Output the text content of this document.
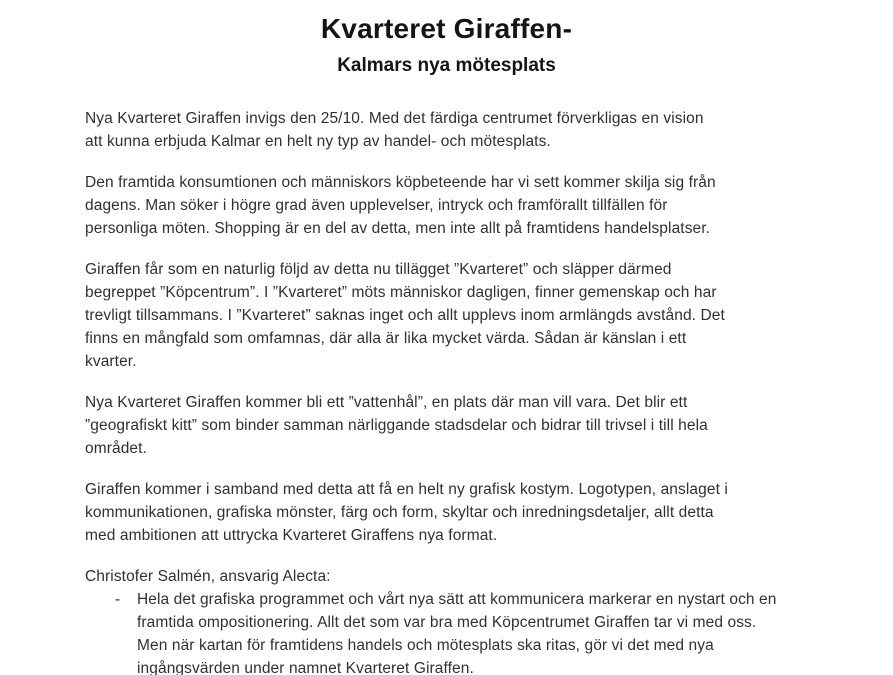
Kvarteret Giraffen-
Kalmars nya mötesplats
Nya Kvarteret Giraffen invigs den 25/10. Med det färdiga centrumet förverkligas en vision
att kunna erbjuda Kalmar en helt ny typ av handel- och mötesplats.
Den framtida konsumtionen och människors köpbeteende har vi sett kommer skilja sig från
dagens. Man söker i högre grad även upplevelser, intryck och framförallt tillfällen för
personliga möten. Shopping är en del av detta, men inte allt på framtidens handelsplatser.
Giraffen får som en naturlig följd av detta nu tillägget ”Kvarteret” och släpper därmed
begreppet ”Köpcentrum”. I ”Kvarteret” möts människor dagligen, finner gemenskap och har
trevligt tillsammans. I ”Kvarteret” saknas inget och allt upplevs inom armlängds avstånd. Det
finns en mångfald som omfamnas, där alla är lika mycket värda. Sådan är känslan i ett
kvarter.
Nya Kvarteret Giraffen kommer bli ett ”vattenhål”, en plats där man vill vara. Det blir ett
”geografiskt kitt” som binder samman närliggande stadsdelar och bidrar till trivsel i till hela
området.
Giraffen kommer i samband med detta att få en helt ny grafisk kostym. Logotypen, anslaget i
kommunikationen, grafiska mönster, färg och form, skyltar och inredningsdetaljer, allt detta
med ambitionen att uttrycka Kvarteret Giraffens nya format.
Christofer Salmén, ansvarig Alecta:
-	Hela det grafiska programmet och vårt nya sätt att kommunicera markerar en nystart och en
framtida ompositionering. Allt det som var bra med Köpcentrumet Giraffen tar vi med oss.
Men när kartan för framtidens handels och mötesplats ska ritas, gör vi det med nya
ingångsvärden under namnet Kvarteret Giraffen.
